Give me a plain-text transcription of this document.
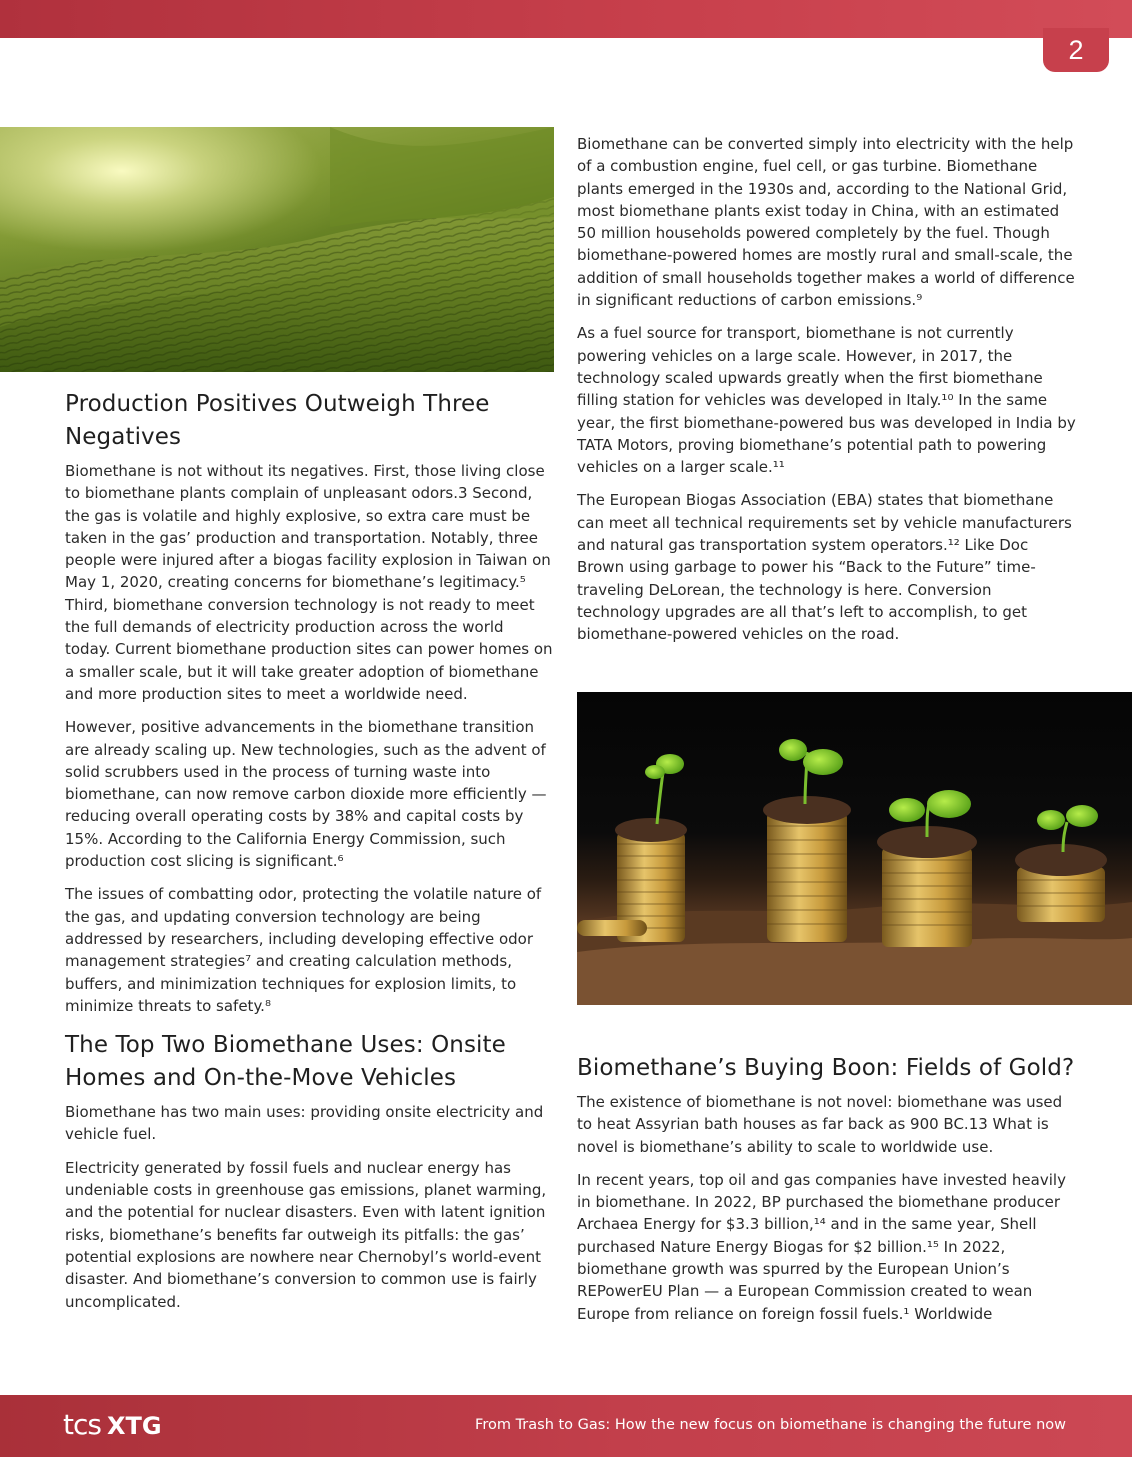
2
Production Positives Outweigh Three Negatives

Biomethane is not without its negatives. First, those living close to biomethane plants complain of unpleasant odors.3 Second, the gas is volatile and highly explosive, so extra care must be taken in the gas’ production and transportation. Notably, three people were injured after a biogas facility explosion in Taiwan on May 1, 2020, creating concerns for biomethane’s legitimacy.⁵ Third, biomethane conversion technology is not ready to meet the full demands of electricity production across the world today. Current biomethane production sites can power homes on a smaller scale, but it will take greater adoption of biomethane and more production sites to meet a worldwide need.

However, positive advancements in the biomethane transition are already scaling up. New technologies, such as the advent of solid scrubbers used in the process of turning waste into biomethane, can now remove carbon dioxide more efficiently — reducing overall operating costs by 38% and capital costs by 15%. According to the California Energy Commission, such production cost slicing is significant.⁶

The issues of combatting odor, protecting the volatile nature of the gas, and updating conversion technology are being addressed by researchers, including developing effective odor management strategies⁷ and creating calculation methods, buffers, and minimization techniques for explosion limits, to minimize threats to safety.⁸

The Top Two Biomethane Uses: Onsite Homes and On-the-Move Vehicles

Biomethane has two main uses: providing onsite electricity and vehicle fuel.

Electricity generated by fossil fuels and nuclear energy has undeniable costs in greenhouse gas emissions, planet warming, and the potential for nuclear disasters. Even with latent ignition risks, biomethane’s benefits far outweigh its pitfalls: the gas’ potential explosions are nowhere near Chernobyl’s world-event disaster. And biomethane’s conversion to common use is fairly uncomplicated.

Biomethane can be converted simply into electricity with the help of a combustion engine, fuel cell, or gas turbine. Biomethane plants emerged in the 1930s and, according to the National Grid, most biomethane plants exist today in China, with an estimated 50 million households powered completely by the fuel. Though biomethane-powered homes are mostly rural and small-scale, the addition of small households together makes a world of difference in significant reductions of carbon emissions.⁹

As a fuel source for transport, biomethane is not currently powering vehicles on a large scale. However, in 2017, the technology scaled upwards greatly when the first biomethane filling station for vehicles was developed in Italy.¹⁰ In the same year, the first biomethane-powered bus was developed in India by TATA Motors, proving biomethane’s potential path to powering vehicles on a larger scale.¹¹

The European Biogas Association (EBA) states that biomethane can meet all technical requirements set by vehicle manufacturers and natural gas transportation system operators.¹² Like Doc Brown using garbage to power his “Back to the Future” time-traveling DeLorean, the technology is here. Conversion technology upgrades are all that’s left to accomplish, to get biomethane-powered vehicles on the road.

Biomethane’s Buying Boon: Fields of Gold?

The existence of biomethane is not novel: biomethane was used to heat Assyrian bath houses as far back as 900 BC.13 What is novel is biomethane’s ability to scale to worldwide use.

In recent years, top oil and gas companies have invested heavily in biomethane. In 2022, BP purchased the biomethane producer Archaea Energy for $3.3 billion,¹⁴ and in the same year, Shell purchased Nature Energy Biogas for $2 billion.¹⁵ In 2022, biomethane growth was spurred by the European Union’s REPowerEU Plan — a European Commission created to wean Europe from reliance on foreign fossil fuels.¹ Worldwide

tcs XTG	From Trash to Gas: How the new focus on biomethane is changing the future now
